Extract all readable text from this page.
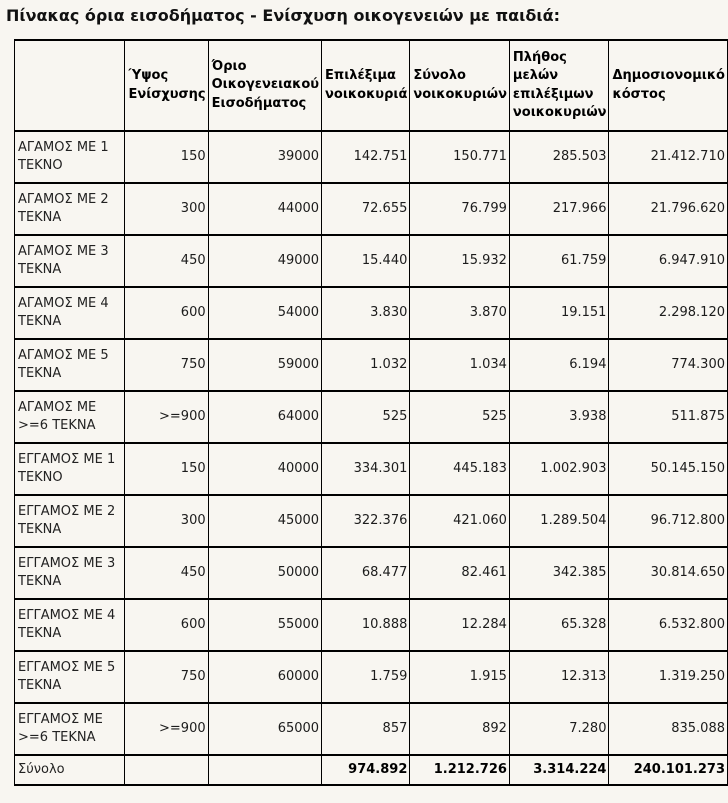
Πίνακας όρια εισοδήματος - Ενίσχυση οικογενειών με παιδιά:
	Ύψος Ενίσχυσης	Όριο Οικογενειακού Εισοδήματος	Επιλέξιμα νοικοκυριά	Σύνολο νοικοκυριών	Πλήθος μελών επιλέξιμων νοικοκυριών	Δημοσιονομικό κόστος
ΑΓΑΜΟΣ ΜΕ 1 ΤΕΚΝΟ	150	39000	142.751	150.771	285.503	21.412.710
ΑΓΑΜΟΣ ΜΕ 2 ΤΕΚΝΑ	300	44000	72.655	76.799	217.966	21.796.620
ΑΓΑΜΟΣ ΜΕ 3 ΤΕΚΝΑ	450	49000	15.440	15.932	61.759	6.947.910
ΑΓΑΜΟΣ ΜΕ 4 ΤΕΚΝΑ	600	54000	3.830	3.870	19.151	2.298.120
ΑΓΑΜΟΣ ΜΕ 5 ΤΕΚΝΑ	750	59000	1.032	1.034	6.194	774.300
ΑΓΑΜΟΣ ΜΕ >=6 ΤΕΚΝΑ	>=900	64000	525	525	3.938	511.875
ΕΓΓΑΜΟΣ ΜΕ 1 ΤΕΚΝΟ	150	40000	334.301	445.183	1.002.903	50.145.150
ΕΓΓΑΜΟΣ ΜΕ 2 ΤΕΚΝΑ	300	45000	322.376	421.060	1.289.504	96.712.800
ΕΓΓΑΜΟΣ ΜΕ 3 ΤΕΚΝΑ	450	50000	68.477	82.461	342.385	30.814.650
ΕΓΓΑΜΟΣ ΜΕ 4 ΤΕΚΝΑ	600	55000	10.888	12.284	65.328	6.532.800
ΕΓΓΑΜΟΣ ΜΕ 5 ΤΕΚΝΑ	750	60000	1.759	1.915	12.313	1.319.250
ΕΓΓΑΜΟΣ ΜΕ >=6 ΤΕΚΝΑ	>=900	65000	857	892	7.280	835.088
Σύνολο			974.892	1.212.726	3.314.224	240.101.273
